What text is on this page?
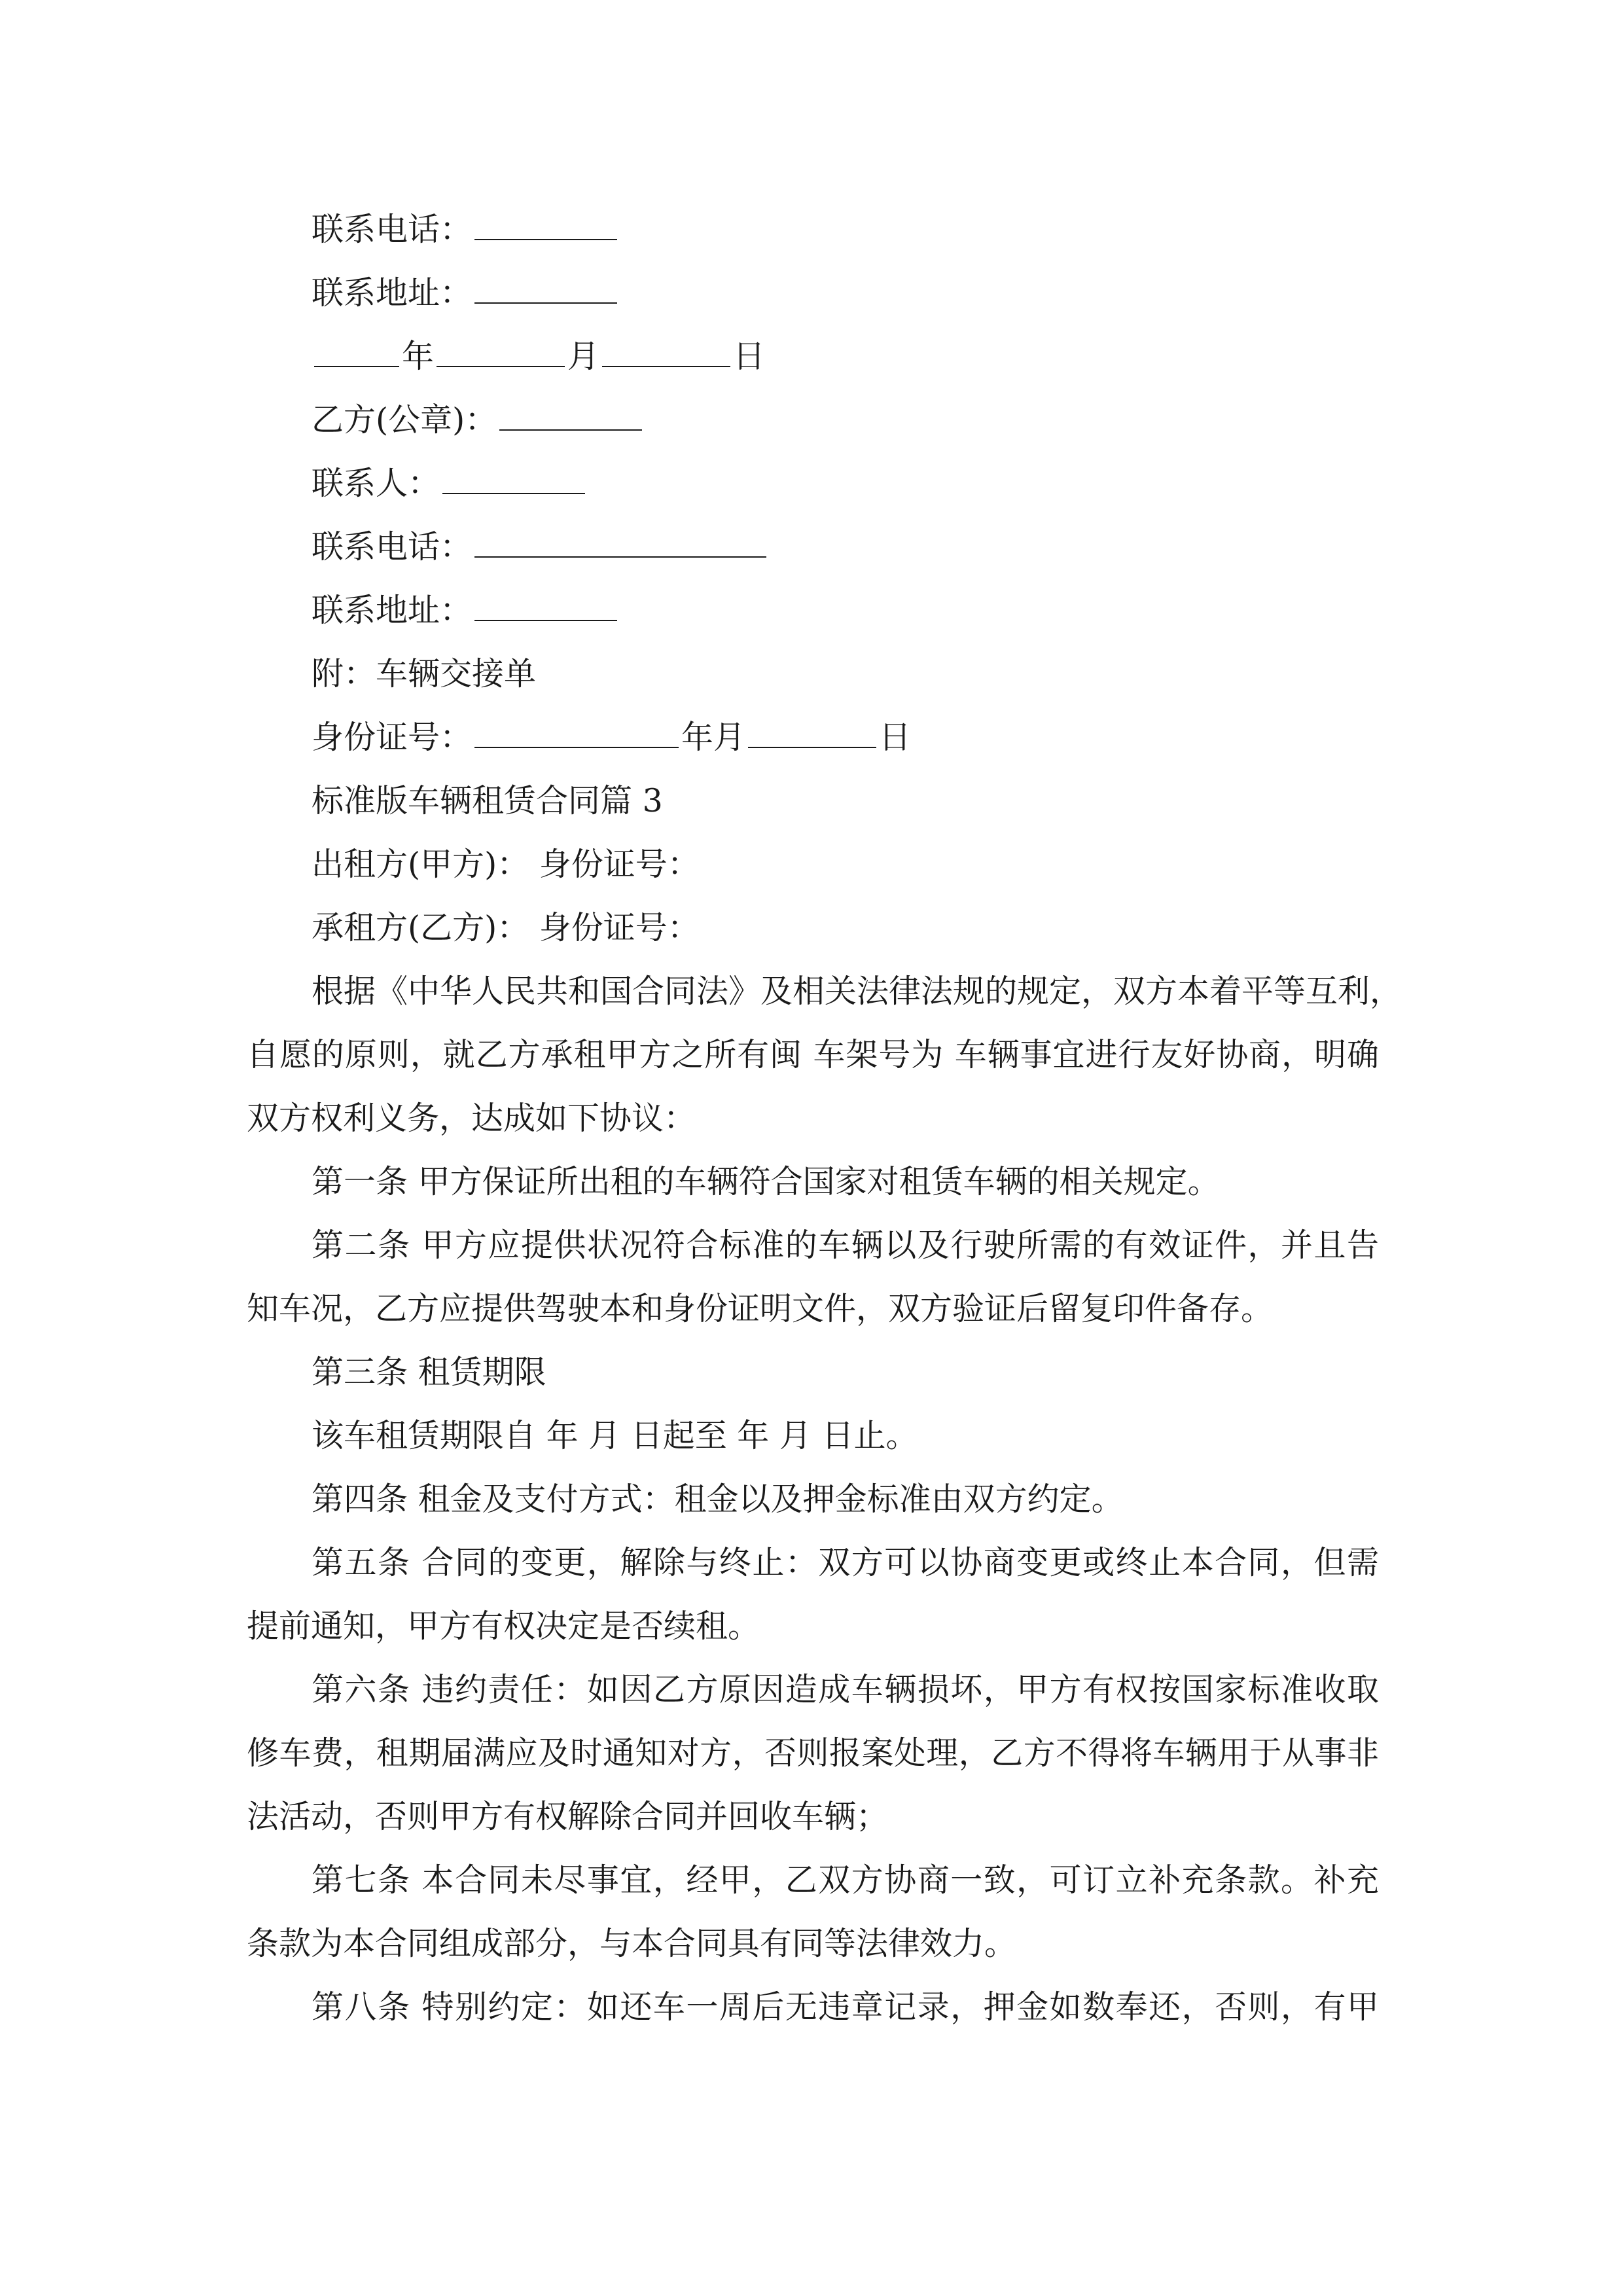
联系电话：
联系地址：
年	月	日
乙方(公章)：
联系人：
联系电话：
联系地址：
附：车辆交接单
身份证号：	年月	日
标准版车辆租赁合同篇 3
出租方(甲方)： 身份证号：
承租方(乙方)： 身份证号：
根据《中华人民共和国合同法》及相关法律法规的规定，双方本着平等互利，
自愿的原则，就乙方承租甲方之所有闽 车架号为 车辆事宜进行友好协商，明确
双方权利义务，达成如下协议：
第一条 甲方保证所出租的车辆符合国家对租赁车辆的相关规定。
第二条 甲方应提供状况符合标准的车辆以及行驶所需的有效证件，并且告
知车况，乙方应提供驾驶本和身份证明文件，双方验证后留复印件备存。
第三条 租赁期限
该车租赁期限自 年 月 日起至 年 月 日止。
第四条 租金及支付方式：租金以及押金标准由双方约定。
第五条 合同的变更，解除与终止：双方可以协商变更或终止本合同，但需
提前通知，甲方有权决定是否续租。
第六条 违约责任：如因乙方原因造成车辆损坏，甲方有权按国家标准收取
修车费，租期届满应及时通知对方，否则报案处理，乙方不得将车辆用于从事非
法活动，否则甲方有权解除合同并回收车辆；
第七条 本合同未尽事宜，经甲，乙双方协商一致，可订立补充条款。补充
条款为本合同组成部分，与本合同具有同等法律效力。
第八条 特别约定：如还车一周后无违章记录，押金如数奉还，否则，有甲
